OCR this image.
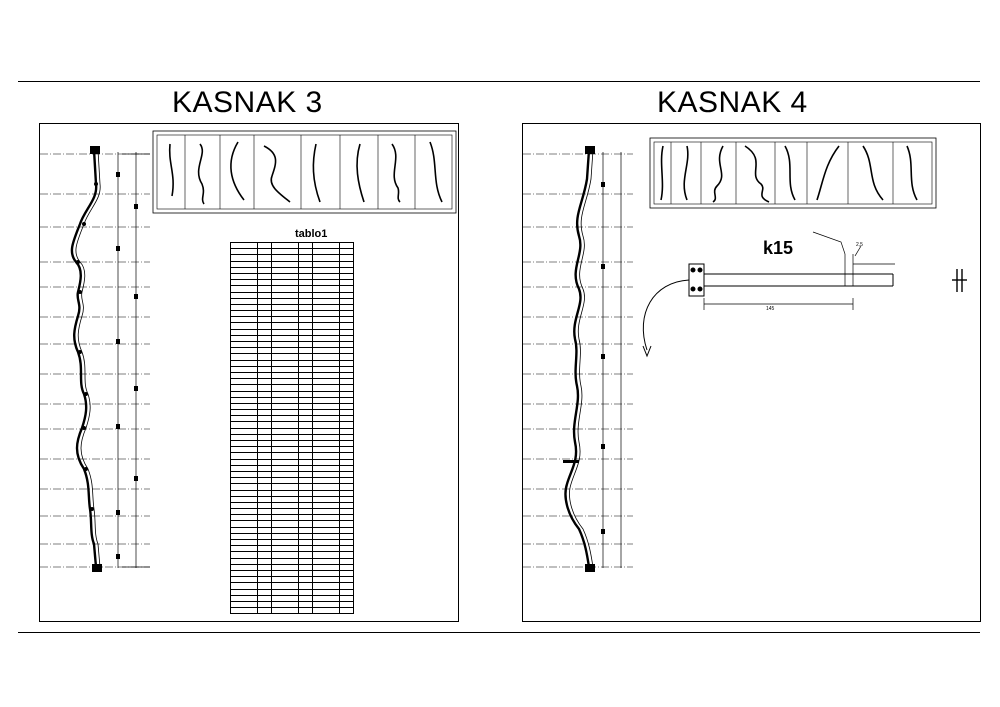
KASNAK 3	KASNAK 4
tablo1

2,5
145
k15
